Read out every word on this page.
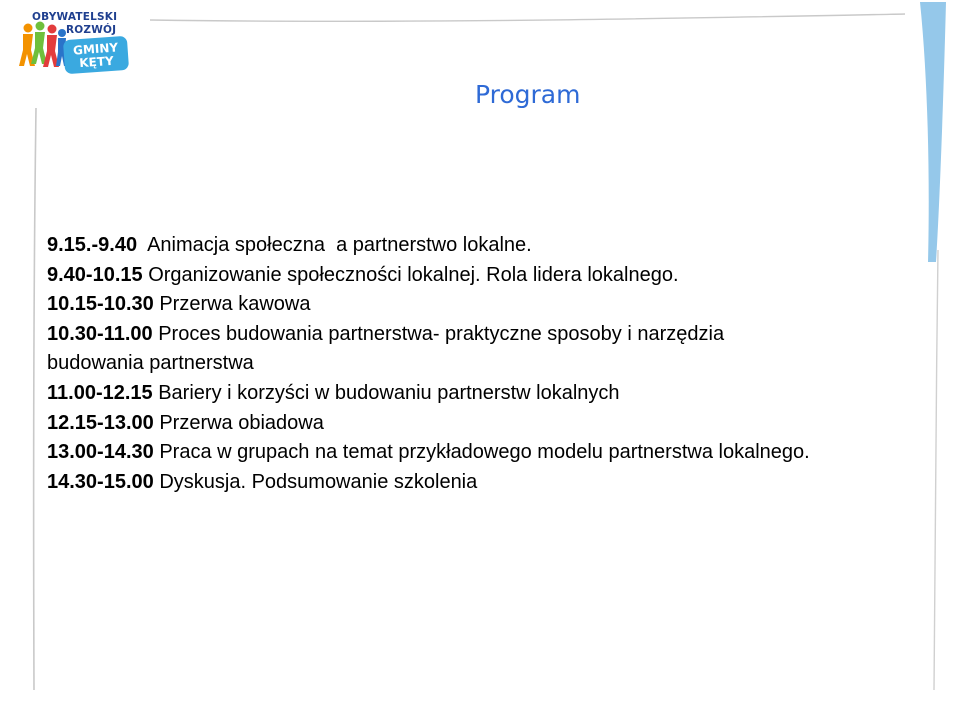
OBYWATELSKI
ROZWÓJ
GMINY
KĘTY
Program
9.15.-9.40  Animacja społeczna  a partnerstwo lokalne.
9.40-10.15 Organizowanie społeczności lokalnej. Rola lidera lokalnego.
10.15-10.30 Przerwa kawowa
10.30-11.00 Proces budowania partnerstwa- praktyczne sposoby i narzędzia budowania partnerstwa
11.00-12.15 Bariery i korzyści w budowaniu partnerstw lokalnych
12.15-13.00 Przerwa obiadowa
13.00-14.30 Praca w grupach na temat przykładowego modelu partnerstwa lokalnego.
14.30-15.00 Dyskusja. Podsumowanie szkolenia
